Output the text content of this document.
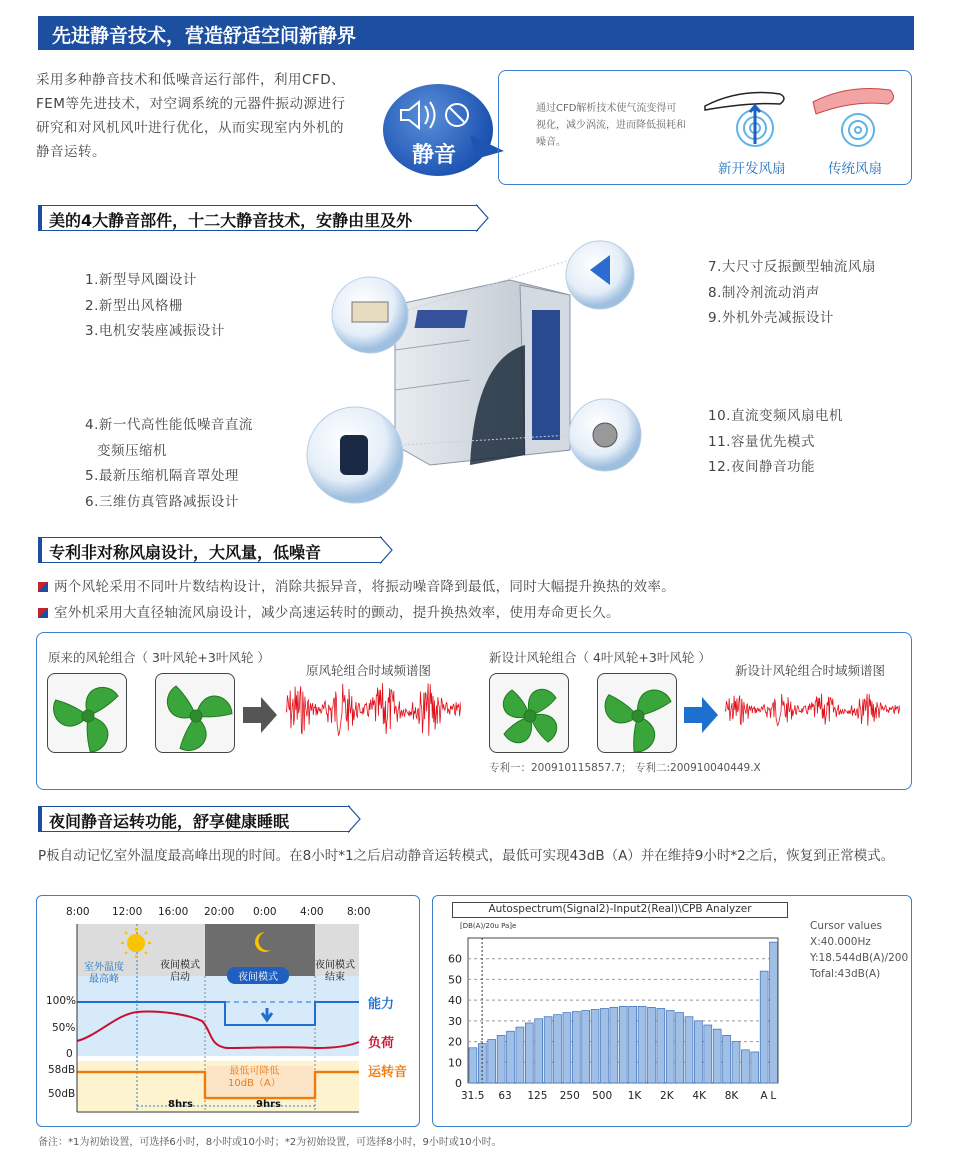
先进静音技术，营造舒适空间新静界
采用多种静音技术和低噪音运行部件，利用CFD、FEM等先进技术，对空调系统的元器件振动源进行研究和对风机风叶进行优化，从而实现室内外机的静音运转。	静音
通过CFD解析技术使气流变得可视化，减少涡流，进而降低损耗和噪音。
新开发风扇	传统风扇
美的4大静音部件，十二大静音技术，安静由里及外
1.新型导风圈设计
2.新型出风格栅
3.电机安装座减振设计
4.新一代高性能低噪音直流
变频压缩机
5.最新压缩机隔音罩处理
6.三维仿真管路减振设计
7.大尺寸反振颤型轴流风扇
8.制冷剂流动消声
9.外机外壳减振设计
10.直流变频风扇电机
11.容量优先模式
12.夜间静音功能
专利非对称风扇设计，大风量，低噪音
两个风轮采用不同叶片数结构设计，消除共振异音，将振动噪音降到最低，同时大幅提升换热的效率。
室外机采用大直径轴流风扇设计，减少高速运转时的颤动，提升换热效率，使用寿命更长久。
原来的风轮组合（ 3叶风轮+3叶风轮 ）
原风轮组合时域频谱图
新设计风轮组合（ 4叶风轮+3叶风轮 ）
新设计风轮组合时域频谱图
专利一：200910115857.7； 专利二:200910040449.X
夜间静音运转功能，舒享健康睡眠
P板自动记忆室外温度最高峰出现的时间。在8小时*1之后启动静音运转模式，最低可实现43dB（A）并在维持9小时*2之后，恢复到正常模式。
8:00 12:00 16:00 20:00 0:00 4:00 8:00
室外温度
最高峰
夜间模式
启动
夜间模式
结束
夜间模式
100%
50%
0
58dB
50dB
能力
负荷
运转音
最低可降低
10dB（A）
8hrs	9hrs
Autospectrum(Signal2)-Input2(Real)\CPB Analyzer
[DB(A)/20u Pa]e
0
10
20
30
40
50
60
31.5 63 125 250 500 1K 2K 4K 8K A L
Cursor values
X:40.000Hz
Y:18.544dB(A)/200
Tofal:43dB(A)
备注：*1为初始设置，可选择6小时，8小时或10小时；*2为初始设置，可选择8小时，9小时或10小时。
